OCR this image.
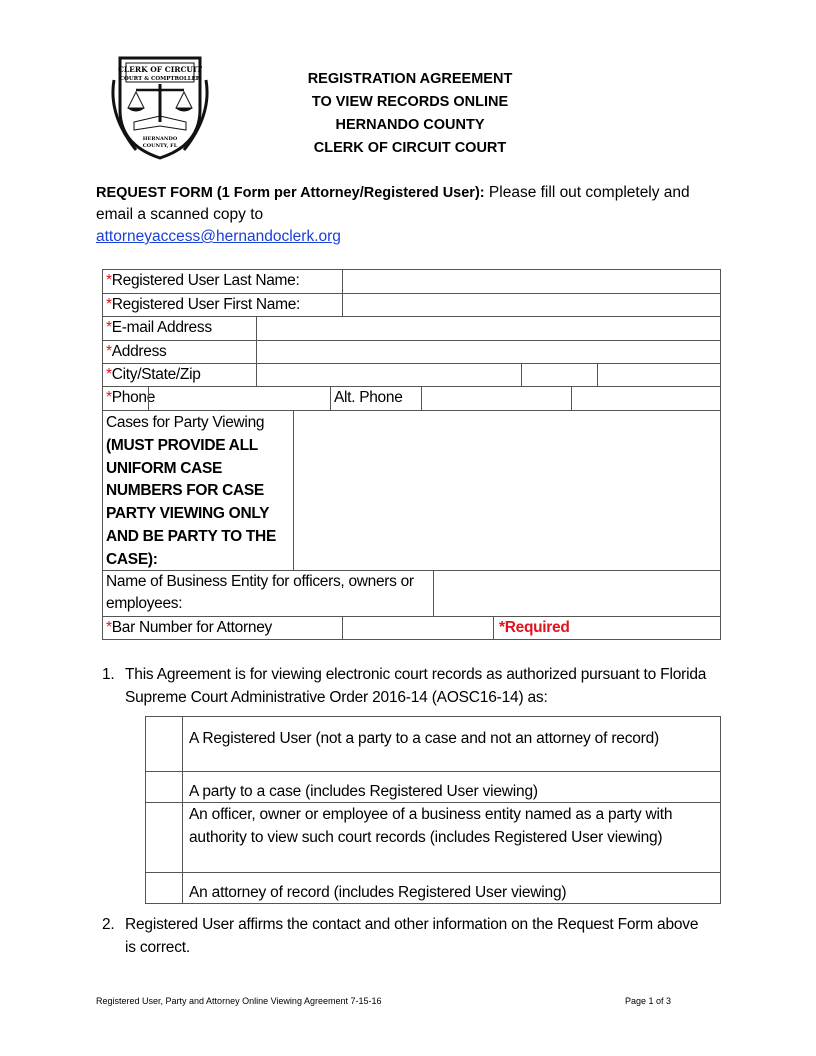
CLERK OF CIRCUIT
COURT & COMPTROLLER
HERNANDO
COUNTY, FL
REGISTRATION AGREEMENT
TO VIEW RECORDS ONLINE
HERNANDO COUNTY
CLERK OF CIRCUIT COURT
REQUEST FORM (1 Form per Attorney/Registered User): Please fill out completely and email a scanned copy to
attorneyaccess@hernandoclerk.org
*Registered User Last Name:
*Registered User First Name:
*E-mail Address
*Address
*City/State/Zip
*Phone	Alt. Phone
Cases for Party Viewing
(MUST PROVIDE ALL UNIFORM CASE NUMBERS FOR CASE PARTY VIEWING ONLY AND BE PARTY TO THE CASE):
Name of Business Entity for officers, owners or employees:
*Bar Number for Attorney	*Required
1. This Agreement is for viewing electronic court records as authorized pursuant to Florida Supreme Court Administrative Order 2016-14 (AOSC16-14) as:
A Registered User (not a party to a case and not an attorney of record)
A party to a case (includes Registered User viewing)
An officer, owner or employee of a business entity named as a party with authority to view such court records (includes Registered User viewing)
An attorney of record (includes Registered User viewing)
2. Registered User affirms the contact and other information on the Request Form above is correct.
Registered User, Party and Attorney Online Viewing Agreement 7-15-16	Page 1 of 3
